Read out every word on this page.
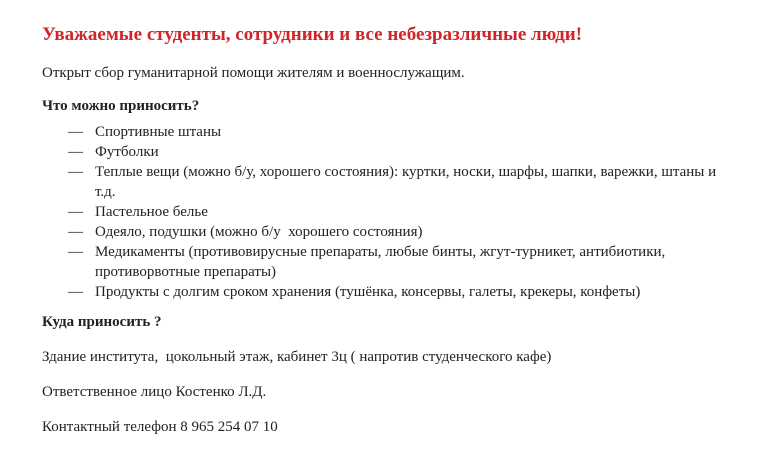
Уважаемые студенты, сотрудники и все небезразличные люди!

Открыт сбор гуманитарной помощи жителям и военнослужащим.

Что можно приносить?

— Спортивные штаны
— Футболки
— Теплые вещи (можно б/у, хорошего состояния): куртки, носки, шарфы, шапки, варежки, штаны и т.д.
— Пастельное белье
— Одеяло, подушки (можно б/у  хорошего состояния)
— Медикаменты (противовирусные препараты, любые бинты, жгут-турникет, антибиотики, противорвотные препараты)
— Продукты с долгим сроком хранения (тушёнка, консервы, галеты, крекеры, конфеты)

Куда приносить ?

Здание института,  цокольный этаж, кабинет 3ц ( напротив студенческого кафе)

Ответственное лицо Костенко Л.Д.

Контактный телефон 8 965 254 07 10
